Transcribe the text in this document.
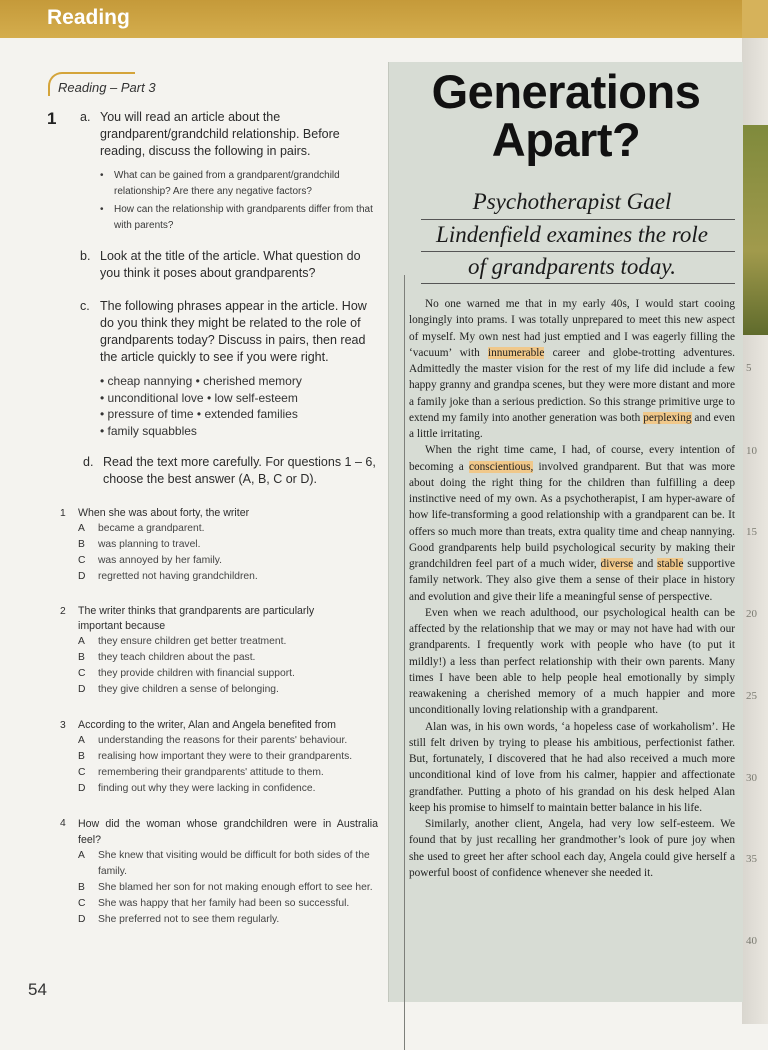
Reading
5
10
15
20
25
30
35
40
Reading – Part 3
1 a. You will read an article about the grandparent/grandchild relationship. Before reading, discuss the following in pairs.
• What can be gained from a grandparent/grandchild relationship? Are there any negative factors?
• How can the relationship with grandparents differ from that with parents?
b. Look at the title of the article. What question do you think it poses about grandparents?
c. The following phrases appear in the article. How do you think they might be related to the role of grandparents today? Discuss in pairs, then read the article quickly to see if you were right.
• cheap nannying • cherished memory
• unconditional love • low self-esteem
• pressure of time • extended families
• family squabbles
d. Read the text more carefully. For questions 1 – 6, choose the best answer (A, B, C or D).
1 When she was about forty, the writer
A became a grandparent.
B was planning to travel.
C was annoyed by her family.
D regretted not having grandchildren.
2 The writer thinks that grandparents are particularly important because
A they ensure children get better treatment.
B they teach children about the past.
C they provide children with financial support.
D they give children a sense of belonging.
3 According to the writer, Alan and Angela benefited from
A understanding the reasons for their parents' behaviour.
B realising how important they were to their grandparents.
C remembering their grandparents' attitude to them.
D finding out why they were lacking in confidence.
4 How did the woman whose grandchildren were in Australia feel?
A She knew that visiting would be difficult for both sides of the family.
B She blamed her son for not making enough effort to see her.
C She was happy that her family had been so successful.
D She preferred not to see them regularly.
54
Generations
Apart?
Psychotherapist Gael
Lindenfield examines the role
of grandparents today.

No one warned me that in my early 40s, I would start cooing longingly into prams. I was totally unprepared to meet this new aspect of myself. My own nest had just emptied and I was eagerly filling the ‘vacuum’ with innumerable career and globe-trotting adventures. Admittedly the master vision for the rest of my life did include a few happy granny and grandpa scenes, but they were more distant and more a family joke than a serious prediction. So this strange primitive urge to extend my family into another generation was both perplexing and even a little irritating.

When the right time came, I had, of course, every intention of becoming a conscientious, involved grandparent. But that was more about doing the right thing for the children than fulfilling a deep instinctive need of my own. As a psychotherapist, I am hyper-aware of how life-transforming a good relationship with a grandparent can be. It offers so much more than treats, extra quality time and cheap nannying. Good grandparents help build psychological security by making their grandchildren feel part of a much wider, diverse and stable supportive family network. They also give them a sense of their place in history and evolution and give their life a meaningful sense of perspective.

Even when we reach adulthood, our psychological health can be affected by the relationship that we may or may not have had with our grandparents. I frequently work with people who have (to put it mildly!) a less than perfect relationship with their own parents. Many times I have been able to help people heal emotionally by simply reawakening a cherished memory of a much happier and more unconditionally loving relationship with a grandparent.

Alan was, in his own words, ‘a hopeless case of workaholism’. He still felt driven by trying to please his ambitious, perfectionist father. But, fortunately, I discovered that he had also received a much more unconditional kind of love from his calmer, happier and affectionate grandfather. Putting a photo of his grandad on his desk helped Alan keep his promise to himself to maintain better balance in his life.

Similarly, another client, Angela, had very low self-esteem. We found that by just recalling her grandmother’s look of pure joy when she used to greet her after school each day, Angela could give herself a powerful boost of confidence whenever she needed it.
